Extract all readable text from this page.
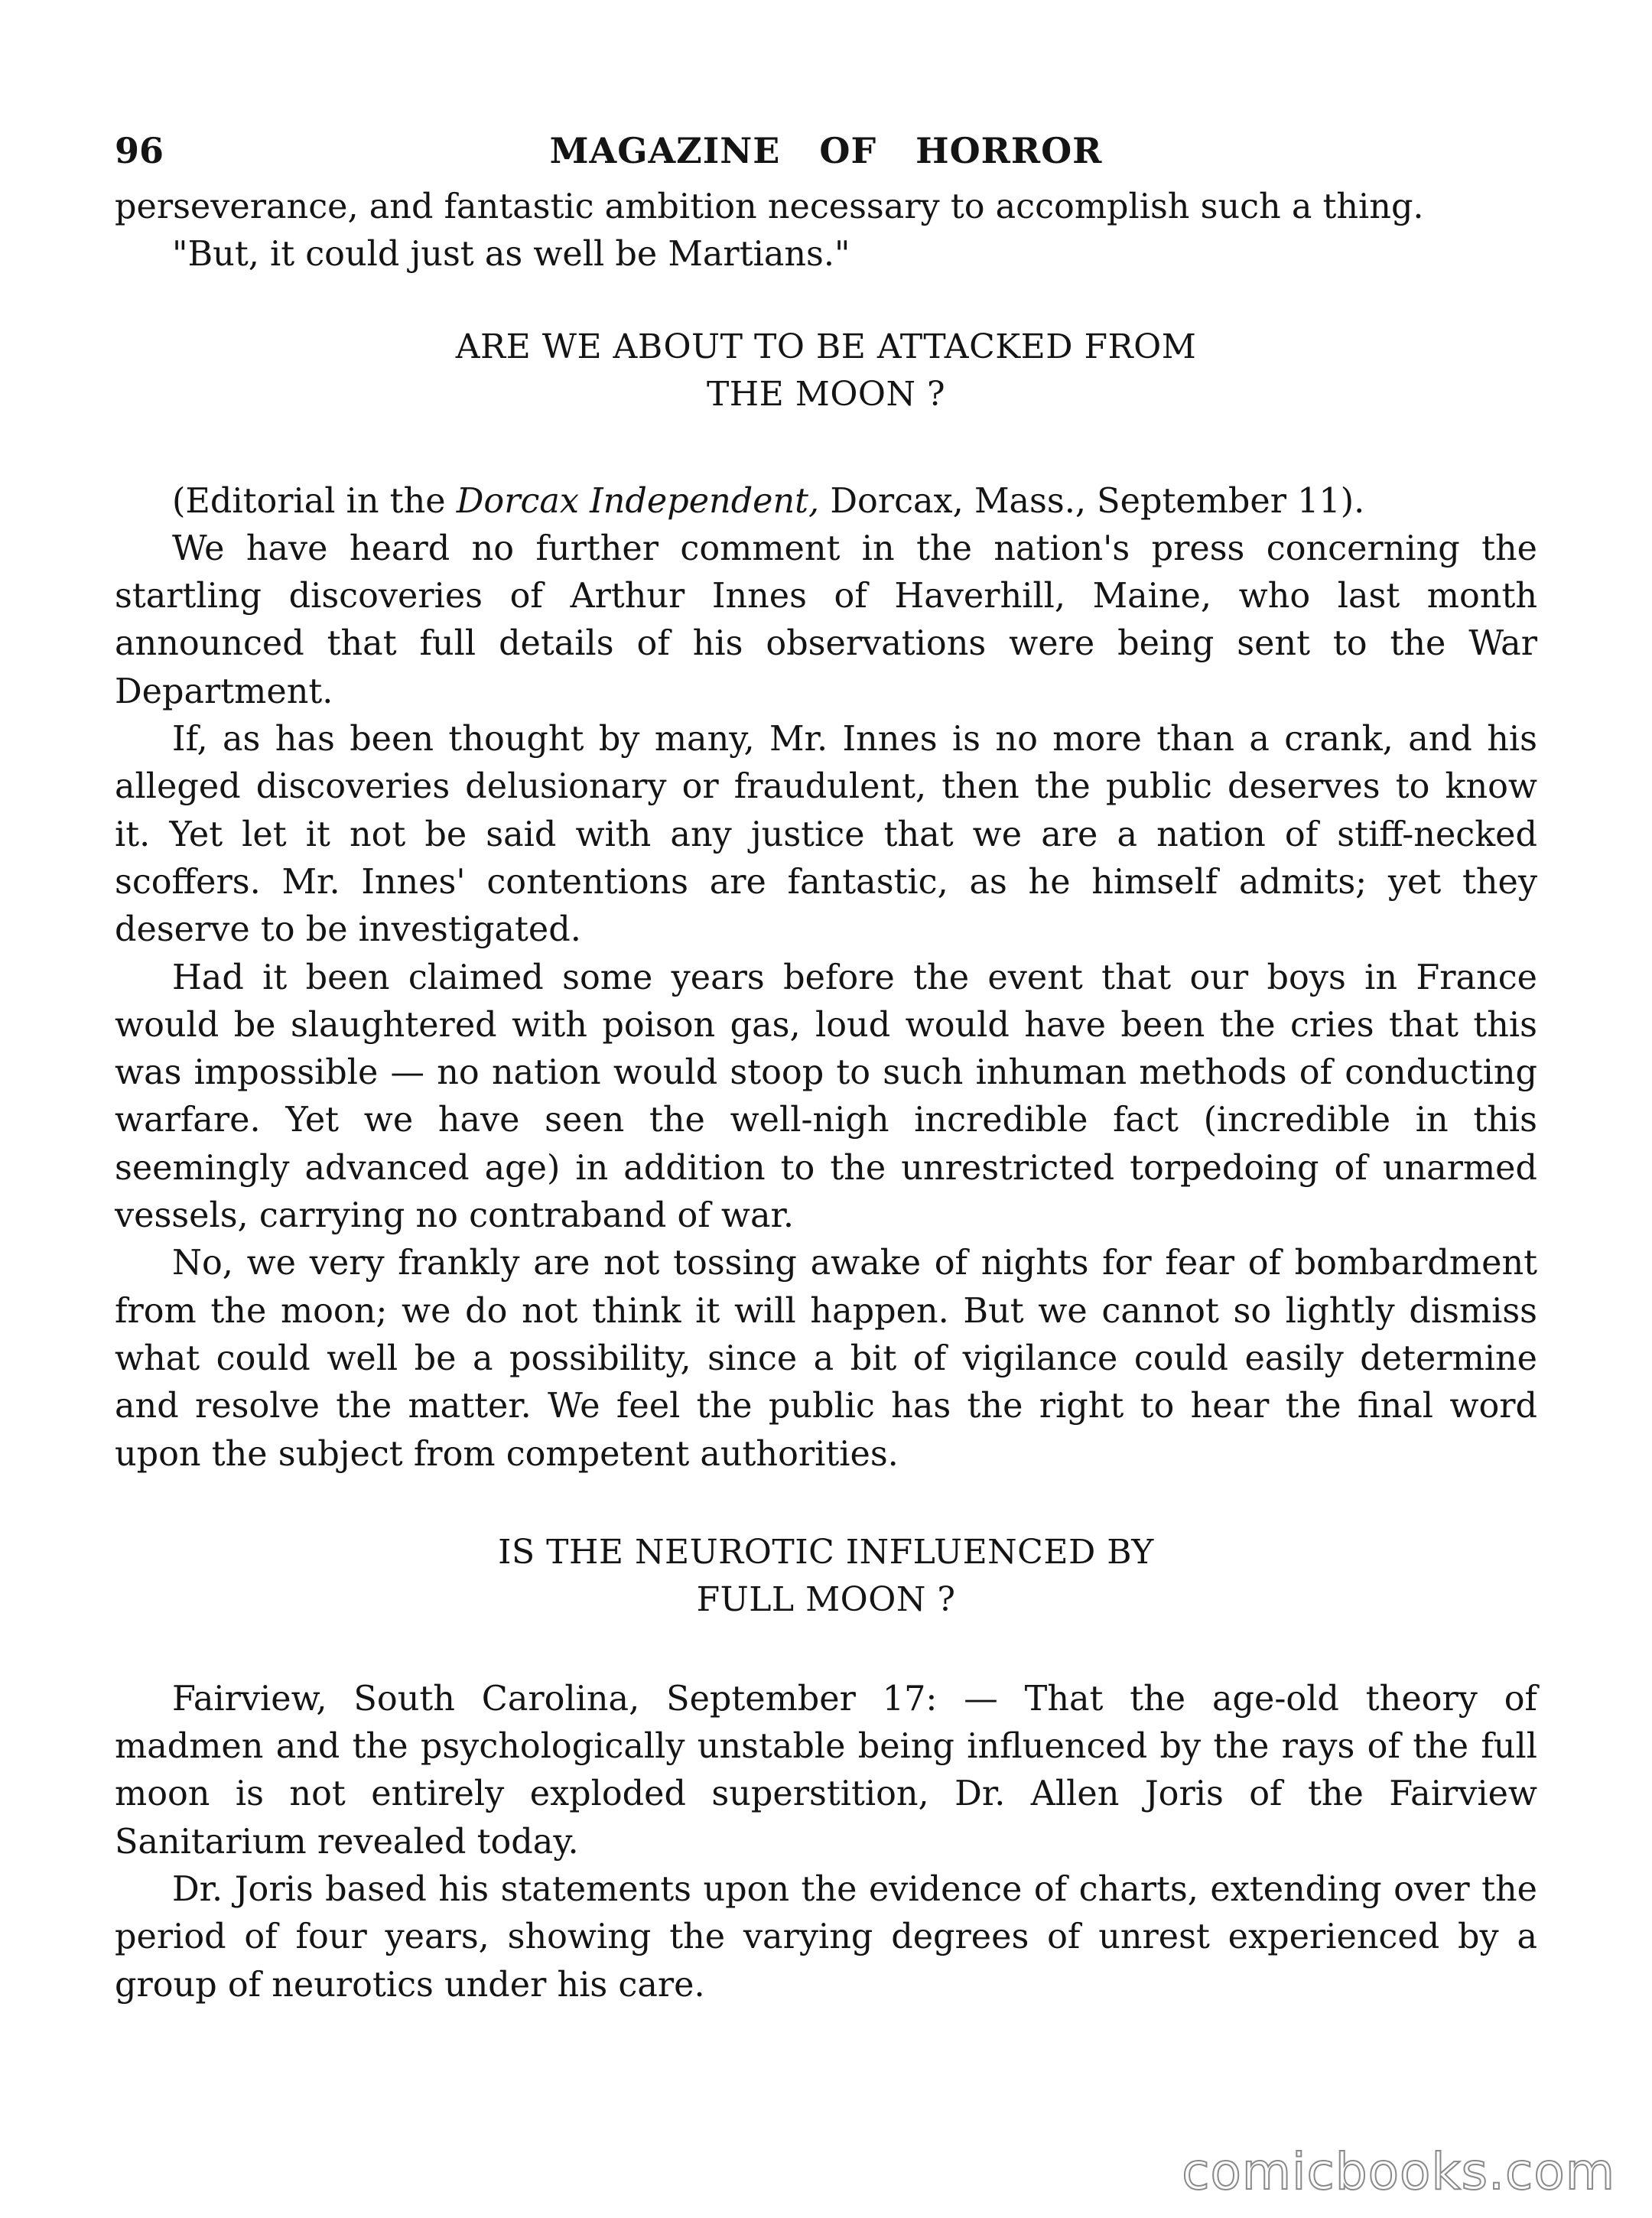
96	MAGAZINE OF HORROR

perseverance, and fantastic ambition necessary to accomplish such a thing.

"But, it could just as well be Martians."

ARE WE ABOUT TO BE ATTACKED FROM

THE MOON ?

(Editorial in the Dorcax Independent, Dorcax, Mass., September 11).

We have heard no further comment in the nation's press concerning the startling discoveries of Arthur Innes of Haverhill, Maine, who last month announced that full details of his observations were being sent to the War Department.

If, as has been thought by many, Mr. Innes is no more than a crank, and his alleged discoveries delusionary or fraudulent, then the public deserves to know it. Yet let it not be said with any justice that we are a nation of stiff-necked scoffers. Mr. Innes' contentions are fantastic, as he himself admits; yet they deserve to be investigated.

Had it been claimed some years before the event that our boys in France would be slaughtered with poison gas, loud would have been the cries that this was impossible — no nation would stoop to such inhuman methods of conducting warfare. Yet we have seen the well-nigh incredible fact (incredible in this seemingly advanced age) in addition to the unrestricted torpedoing of unarmed vessels, carrying no contraband of war.

No, we very frankly are not tossing awake of nights for fear of bombardment from the moon; we do not think it will happen. But we cannot so lightly dismiss what could well be a possibility, since a bit of vigilance could easily determine and resolve the matter. We feel the public has the right to hear the final word upon the subject from competent authorities.

IS THE NEUROTIC INFLUENCED BY

FULL MOON ?

Fairview, South Carolina, September 17: — That the age-old theory of madmen and the psychologically unstable being influenced by the rays of the full moon is not entirely exploded superstition, Dr. Allen Joris of the Fairview Sanitarium revealed today.

Dr. Joris based his statements upon the evidence of charts, extending over the period of four years, showing the varying degrees of unrest experienced by a group of neurotics under his care.

comicbooks.com
